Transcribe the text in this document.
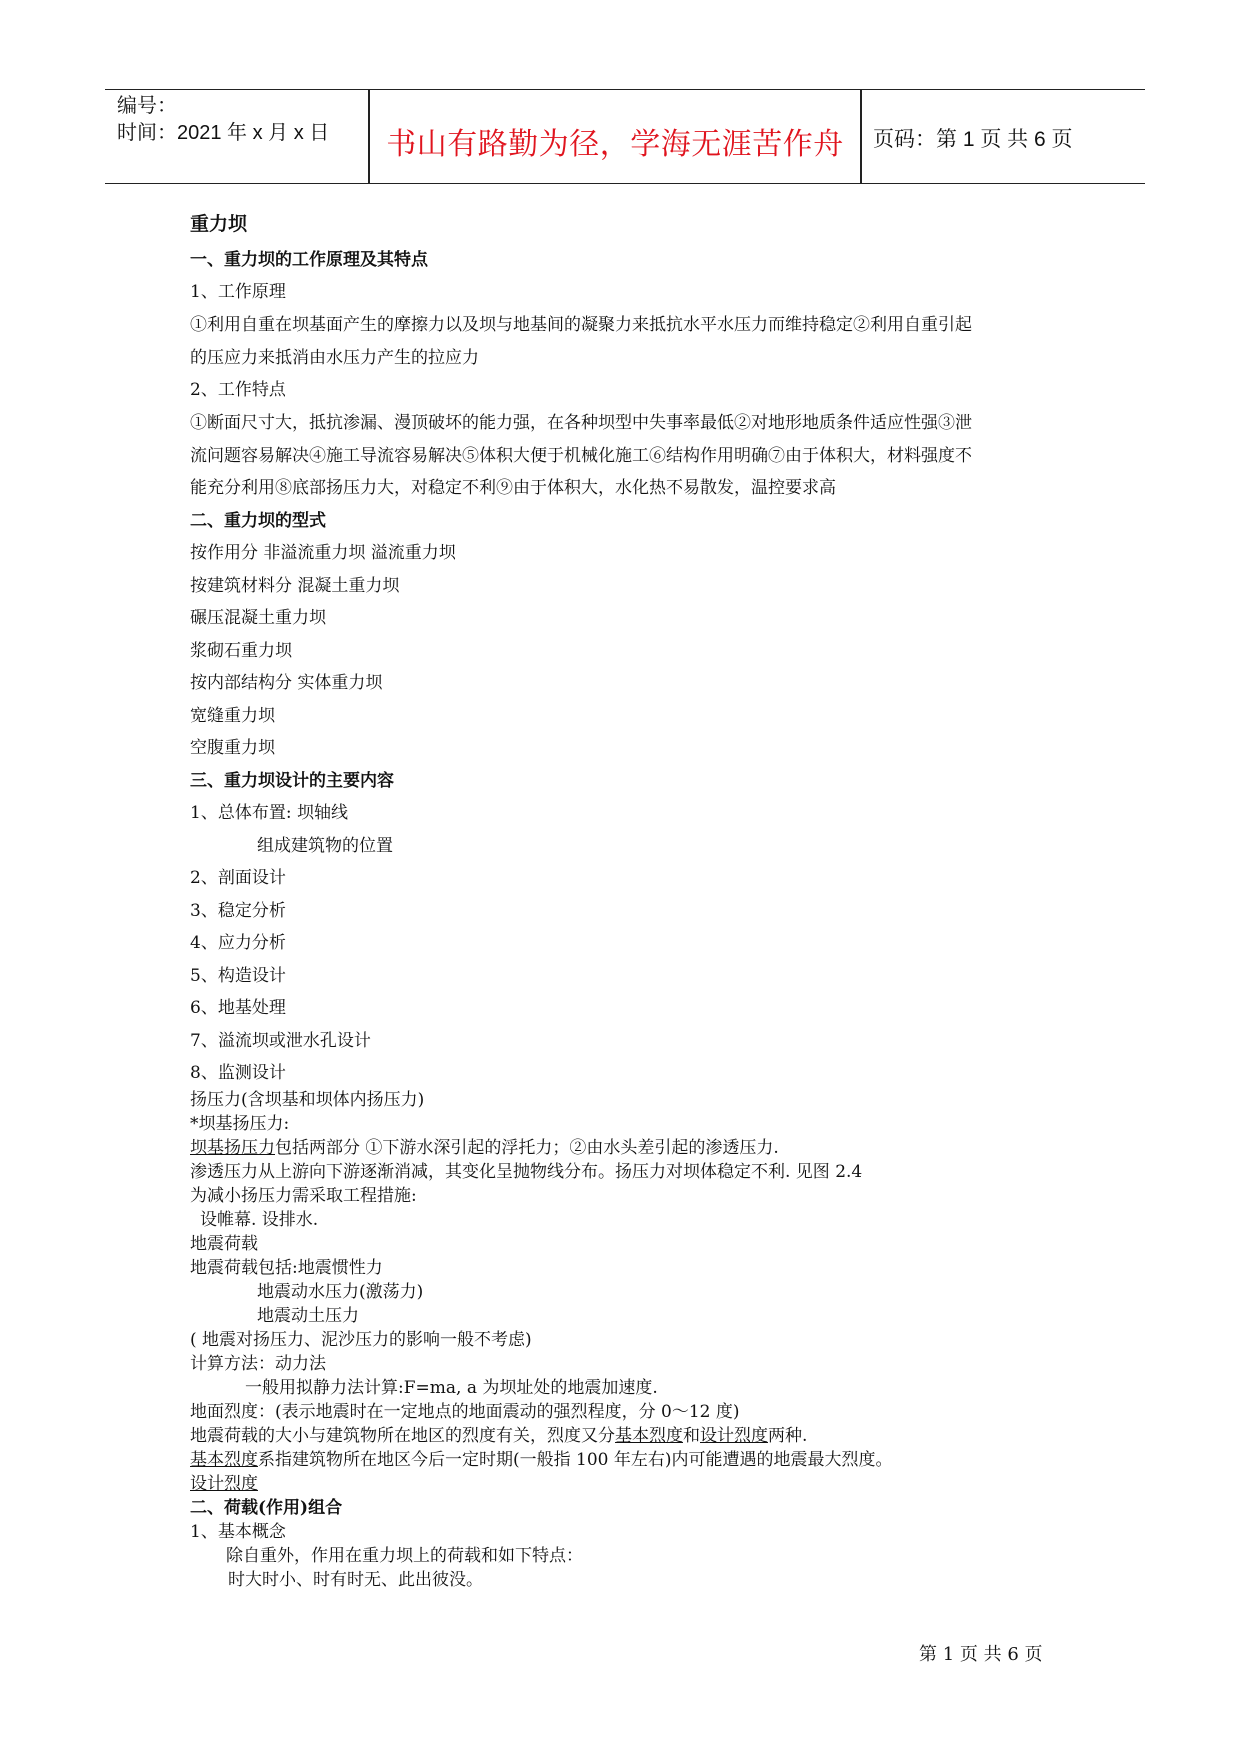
编号：
时间：2021 年 x 月 x 日	书山有路勤为径，学海无涯苦作舟	页码：第 1 页 共 6 页
重力坝
一、重力坝的工作原理及其特点
1、工作原理
①利用自重在坝基面产生的摩擦力以及坝与地基间的凝聚力来抵抗水平水压力而维持稳定②利用自重引起
的压应力来抵消由水压力产生的拉应力
2、工作特点
①断面尺寸大，抵抗渗漏、漫顶破坏的能力强，在各种坝型中失事率最低②对地形地质条件适应性强③泄
流问题容易解决④施工导流容易解决⑤体积大便于机械化施工⑥结构作用明确⑦由于体积大，材料强度不
能充分利用⑧底部扬压力大，对稳定不利⑨由于体积大，水化热不易散发，温控要求高
二、重力坝的型式
按作用分 非溢流重力坝 溢流重力坝
按建筑材料分 混凝土重力坝
碾压混凝土重力坝
浆砌石重力坝
按内部结构分 实体重力坝
宽缝重力坝
空腹重力坝
三、重力坝设计的主要内容
1、总体布置: 坝轴线
组成建筑物的位置
2、剖面设计
3、稳定分析
4、应力分析
5、构造设计
6、地基处理
7、溢流坝或泄水孔设计
8、监测设计
扬压力(含坝基和坝体内扬压力)
*坝基扬压力:
坝基扬压力包括两部分 ①下游水深引起的浮托力；②由水头差引起的渗透压力.
渗透压力从上游向下游逐渐消减，其变化呈抛物线分布。扬压力对坝体稳定不利. 见图 2.4
为减小扬压力需采取工程措施:
设帷幕. 设排水.
地震荷载
地震荷载包括:地震惯性力
地震动水压力(激荡力)
地震动土压力
( 地震对扬压力、泥沙压力的影响一般不考虑)
计算方法：动力法
一般用拟静力法计算:F=ma, a 为坝址处的地震加速度.
地面烈度：(表示地震时在一定地点的地面震动的强烈程度，分 0～12 度)
地震荷载的大小与建筑物所在地区的烈度有关，烈度又分基本烈度和设计烈度两种.
基本烈度系指建筑物所在地区今后一定时期(一般指 100 年左右)内可能遭遇的地震最大烈度。
设计烈度
二、荷载(作用)组合
1、基本概念
除自重外，作用在重力坝上的荷载和如下特点：
时大时小、时有时无、此出彼没。
第 1 页 共 6 页
